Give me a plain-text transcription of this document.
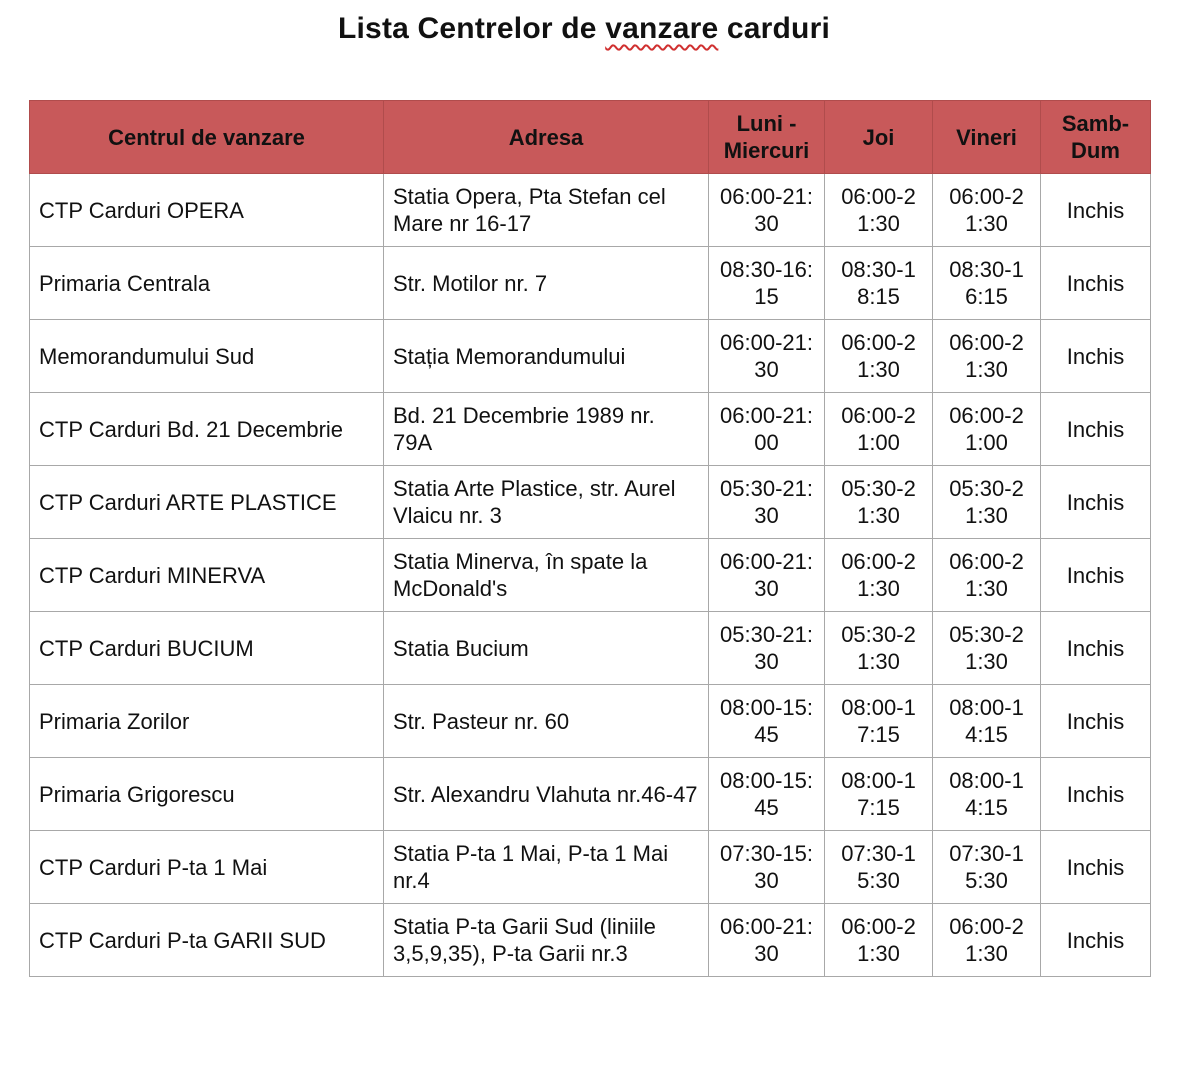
Lista Centrelor de vanzare carduri
Centrul de vanzare	Adresa	Luni - Miercuri	Joi	Vineri	Samb-Dum
CTP Carduri OPERA	Statia Opera, Pta Stefan cel Mare nr 16-17	06:00-21:30	06:00-21:30	06:00-21:30	Inchis
Primaria Centrala	Str. Motilor nr. 7	08:30-16:15	08:30-18:15	08:30-16:15	Inchis
Memorandumului Sud	Stația Memorandumului	06:00-21:30	06:00-21:30	06:00-21:30	Inchis
CTP Carduri Bd. 21 Decembrie	Bd. 21 Decembrie 1989 nr. 79A	06:00-21:00	06:00-21:00	06:00-21:00	Inchis
CTP Carduri ARTE PLASTICE	Statia Arte Plastice, str. Aurel Vlaicu nr. 3	05:30-21:30	05:30-21:30	05:30-21:30	Inchis
CTP Carduri MINERVA	Statia Minerva, în spate la McDonald's	06:00-21:30	06:00-21:30	06:00-21:30	Inchis
CTP Carduri BUCIUM	Statia Bucium	05:30-21:30	05:30-21:30	05:30-21:30	Inchis
Primaria Zorilor	Str. Pasteur nr. 60	08:00-15:45	08:00-17:15	08:00-14:15	Inchis
Primaria Grigorescu	Str. Alexandru Vlahuta nr.46-47	08:00-15:45	08:00-17:15	08:00-14:15	Inchis
CTP Carduri P-ta 1 Mai	Statia P-ta 1 Mai, P-ta 1 Mai nr.4	07:30-15:30	07:30-15:30	07:30-15:30	Inchis
CTP Carduri P-ta GARII SUD	Statia P-ta Garii Sud (liniile 3,5,9,35), P-ta Garii nr.3	06:00-21:30	06:00-21:30	06:00-21:30	Inchis
